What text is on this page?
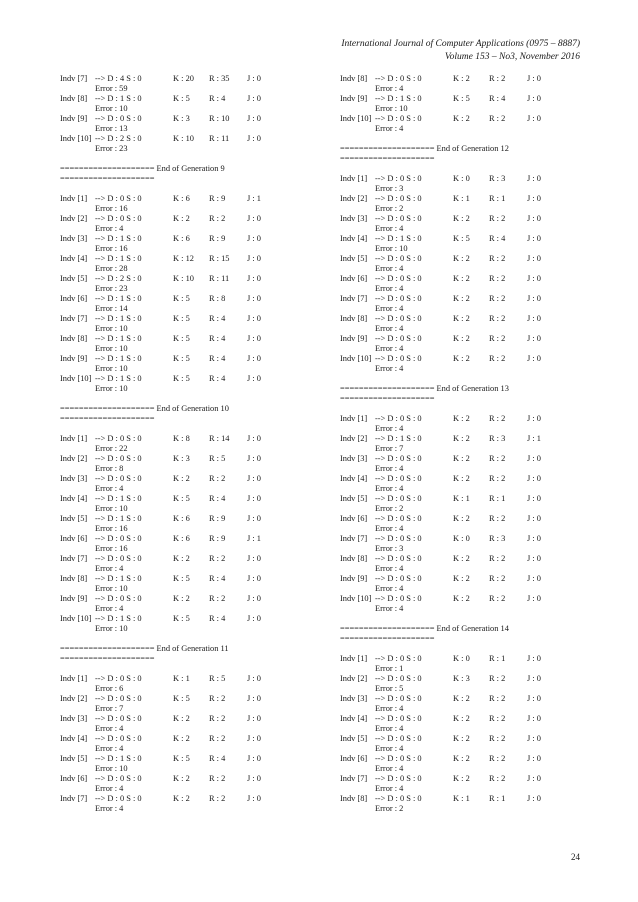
International Journal of Computer Applications (0975 – 8887)
Volume 153 – No3, November 2016
Indv [7] --> D : 4 S : 0	K : 20 R : 35 J : 0
Error : 59
Indv [8] --> D : 1 S : 0	K : 5 R : 4	J : 0
Error : 10
Indv [9] --> D : 0 S : 0	K : 3 R : 10 J : 0
Error : 13
Indv [10] --> D : 2 S : 0	K : 10 R : 11 J : 0
Error : 23
==================== End of Generation 9
====================
Indv [1] --> D : 0 S : 0	K : 6 R : 9	J : 1
Error : 16
Indv [2] --> D : 0 S : 0	K : 2 R : 2	J : 0
Error : 4
Indv [3] --> D : 1 S : 0	K : 6 R : 9	J : 0
Error : 16
Indv [4] --> D : 1 S : 0	K : 12 R : 15 J : 0
Error : 28
Indv [5] --> D : 2 S : 0	K : 10 R : 11 J : 0
Error : 23
Indv [6] --> D : 1 S : 0	K : 5 R : 8	J : 0
Error : 14
Indv [7] --> D : 1 S : 0	K : 5 R : 4	J : 0
Error : 10
Indv [8] --> D : 1 S : 0	K : 5 R : 4	J : 0
Error : 10
Indv [9] --> D : 1 S : 0	K : 5 R : 4	J : 0
Error : 10
Indv [10] --> D : 1 S : 0	K : 5 R : 4	J : 0
Error : 10
==================== End of Generation 10
====================
Indv [1] --> D : 0 S : 0	K : 8 R : 14 J : 0
Error : 22
Indv [2] --> D : 0 S : 0	K : 3 R : 5	J : 0
Error : 8
Indv [3] --> D : 0 S : 0	K : 2 R : 2	J : 0
Error : 4
Indv [4] --> D : 1 S : 0	K : 5 R : 4	J : 0
Error : 10
Indv [5] --> D : 1 S : 0	K : 6 R : 9	J : 0
Error : 16
Indv [6] --> D : 0 S : 0	K : 6 R : 9	J : 1
Error : 16
Indv [7] --> D : 0 S : 0	K : 2 R : 2	J : 0
Error : 4
Indv [8] --> D : 1 S : 0	K : 5 R : 4	J : 0
Error : 10
Indv [9] --> D : 0 S : 0	K : 2 R : 2	J : 0
Error : 4
Indv [10] --> D : 1 S : 0	K : 5 R : 4	J : 0
Error : 10
==================== End of Generation 11
====================
Indv [1] --> D : 0 S : 0	K : 1 R : 5	J : 0
Error : 6
Indv [2] --> D : 0 S : 0	K : 5 R : 2	J : 0
Error : 7
Indv [3] --> D : 0 S : 0	K : 2 R : 2	J : 0
Error : 4
Indv [4] --> D : 0 S : 0	K : 2 R : 2	J : 0
Error : 4
Indv [5] --> D : 1 S : 0	K : 5 R : 4	J : 0
Error : 10
Indv [6] --> D : 0 S : 0	K : 2 R : 2	J : 0
Error : 4
Indv [7] --> D : 0 S : 0	K : 2 R : 2	J : 0
Error : 4
Indv [8] --> D : 0 S : 0	K : 2 R : 2	J : 0
Error : 4
Indv [9] --> D : 1 S : 0	K : 5 R : 4	J : 0
Error : 10
Indv [10] --> D : 0 S : 0	K : 2 R : 2	J : 0
Error : 4
==================== End of Generation 12
====================
Indv [1] --> D : 0 S : 0	K : 0 R : 3	J : 0
Error : 3
Indv [2] --> D : 0 S : 0	K : 1 R : 1	J : 0
Error : 2
Indv [3] --> D : 0 S : 0	K : 2 R : 2	J : 0
Error : 4
Indv [4] --> D : 1 S : 0	K : 5 R : 4	J : 0
Error : 10
Indv [5] --> D : 0 S : 0	K : 2 R : 2	J : 0
Error : 4
Indv [6] --> D : 0 S : 0	K : 2 R : 2	J : 0
Error : 4
Indv [7] --> D : 0 S : 0	K : 2 R : 2	J : 0
Error : 4
Indv [8] --> D : 0 S : 0	K : 2 R : 2	J : 0
Error : 4
Indv [9] --> D : 0 S : 0	K : 2 R : 2	J : 0
Error : 4
Indv [10] --> D : 0 S : 0	K : 2 R : 2	J : 0
Error : 4
==================== End of Generation 13
====================
Indv [1] --> D : 0 S : 0	K : 2 R : 2	J : 0
Error : 4
Indv [2] --> D : 1 S : 0	K : 2 R : 3	J : 1
Error : 7
Indv [3] --> D : 0 S : 0	K : 2 R : 2	J : 0
Error : 4
Indv [4] --> D : 0 S : 0	K : 2 R : 2	J : 0
Error : 4
Indv [5] --> D : 0 S : 0	K : 1 R : 1	J : 0
Error : 2
Indv [6] --> D : 0 S : 0	K : 2 R : 2	J : 0
Error : 4
Indv [7] --> D : 0 S : 0	K : 0 R : 3	J : 0
Error : 3
Indv [8] --> D : 0 S : 0	K : 2 R : 2	J : 0
Error : 4
Indv [9] --> D : 0 S : 0	K : 2 R : 2	J : 0
Error : 4
Indv [10] --> D : 0 S : 0	K : 2 R : 2	J : 0
Error : 4
==================== End of Generation 14
====================
Indv [1] --> D : 0 S : 0	K : 0 R : 1	J : 0
Error : 1
Indv [2] --> D : 0 S : 0	K : 3 R : 2	J : 0
Error : 5
Indv [3] --> D : 0 S : 0	K : 2 R : 2	J : 0
Error : 4
Indv [4] --> D : 0 S : 0	K : 2 R : 2	J : 0
Error : 4
Indv [5] --> D : 0 S : 0	K : 2 R : 2	J : 0
Error : 4
Indv [6] --> D : 0 S : 0	K : 2 R : 2	J : 0
Error : 4
Indv [7] --> D : 0 S : 0	K : 2 R : 2	J : 0
Error : 4
Indv [8] --> D : 0 S : 0	K : 1 R : 1	J : 0
Error : 2
24
